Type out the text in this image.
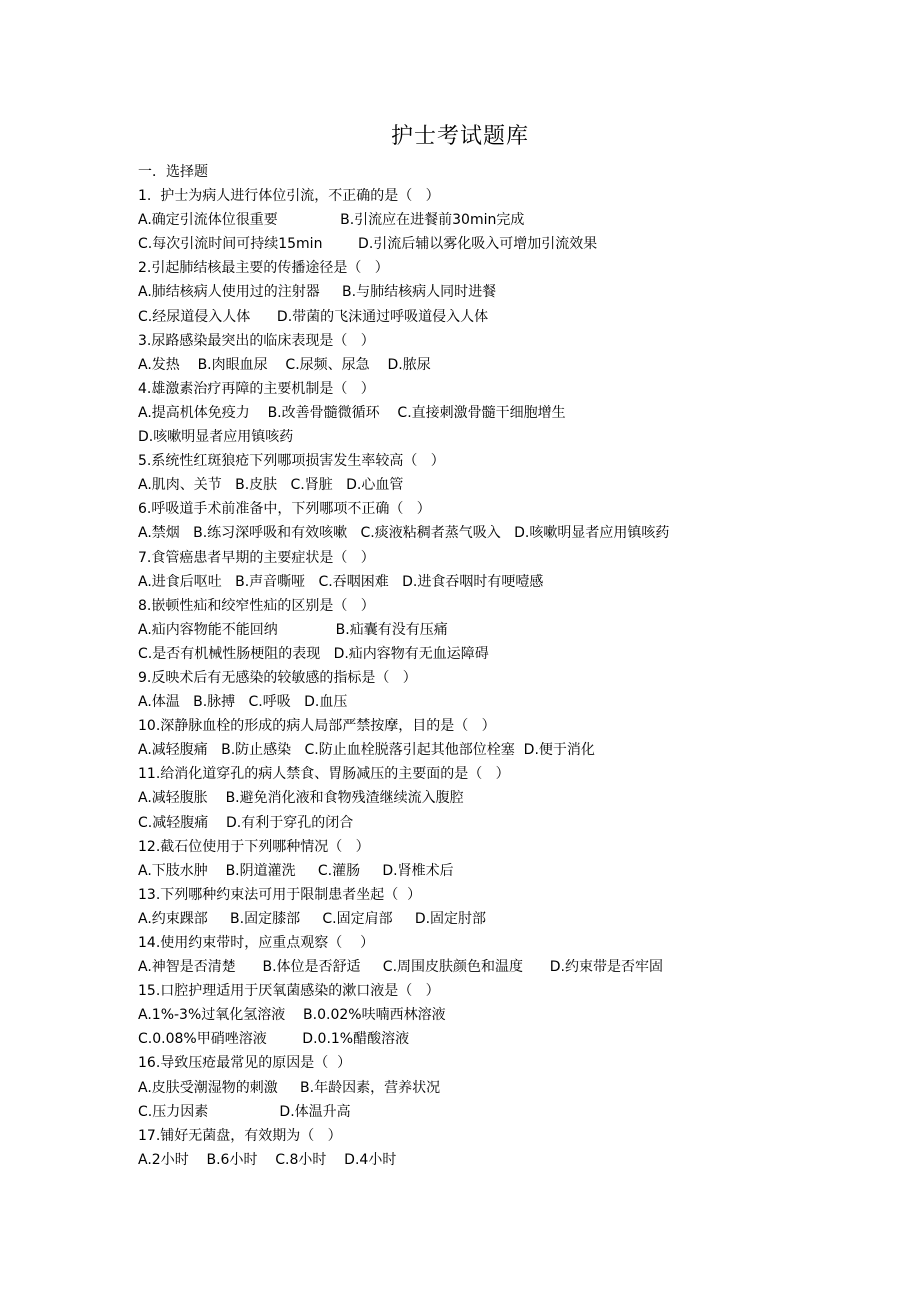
护士考试题库
一．选择题
1.  护士为病人进行体位引流，不正确的是（   ）
A.确定引流体位很重要              B.引流应在进餐前30min完成
C.每次引流时间可持续15min        D.引流后辅以雾化吸入可增加引流效果
2.引起肺结核最主要的传播途径是（   ）
A.肺结核病人使用过的注射器     B.与肺结核病人同时进餐
C.经尿道侵入人体      D.带菌的飞沫通过呼吸道侵入人体
3.尿路感染最突出的临床表现是（   ）
A.发热    B.肉眼血尿    C.尿频、尿急    D.脓尿
4.雄激素治疗再障的主要机制是（   ）
A.提高机体免疫力    B.改善骨髓微循环    C.直接刺激骨髓干细胞增生
D.咳嗽明显者应用镇咳药
5.系统性红斑狼疮下列哪项损害发生率较高（   ）
A.肌肉、关节   B.皮肤   C.肾脏   D.心血管
6.呼吸道手术前准备中，下列哪项不正确（   ）
A.禁烟   B.练习深呼吸和有效咳嗽   C.痰液粘稠者蒸气吸入   D.咳嗽明显者应用镇咳药
7.食管癌患者早期的主要症状是（   ）
A.进食后呕吐   B.声音嘶哑   C.吞咽困难   D.进食吞咽时有哽噎感
8.嵌顿性疝和绞窄性疝的区别是（   ）
A.疝内容物能不能回纳             B.疝囊有没有压痛
C.是否有机械性肠梗阻的表现   D.疝内容物有无血运障碍
9.反映术后有无感染的较敏感的指标是（   ）
A.体温   B.脉搏   C.呼吸   D.血压
10.深静脉血栓的形成的病人局部严禁按摩，目的是（   ）
A.减轻腹痛   B.防止感染   C.防止血栓脱落引起其他部位栓塞  D.便于消化
11.给消化道穿孔的病人禁食、胃肠减压的主要面的是（   ）
A.减轻腹胀    B.避免消化液和食物残渣继续流入腹腔
C.减轻腹痛    D.有利于穿孔的闭合
12.截石位使用于下列哪种情况（   ）
A.下肢水肿    B.阴道灌洗     C.灌肠     D.肾椎术后
13.下列哪种约束法可用于限制患者坐起（  ）
A.约束踝部     B.固定膝部     C.固定肩部     D.固定肘部
14.使用约束带时，应重点观察（    ）
A.神智是否清楚      B.体位是否舒适     C.周围皮肤颜色和温度      D.约束带是否牢固
15.口腔护理适用于厌氧菌感染的漱口液是（   ）
A.1%-3%过氧化氢溶液    B.0.02%呋喃西林溶液
C.0.08%甲硝唑溶液        D.0.1%醋酸溶液
16.导致压疮最常见的原因是（  ）
A.皮肤受潮湿物的刺激     B.年龄因素，营养状况
C.压力因素                D.体温升高
17.铺好无菌盘，有效期为（   ）
A.2小时    B.6小时    C.8小时    D.4小时
